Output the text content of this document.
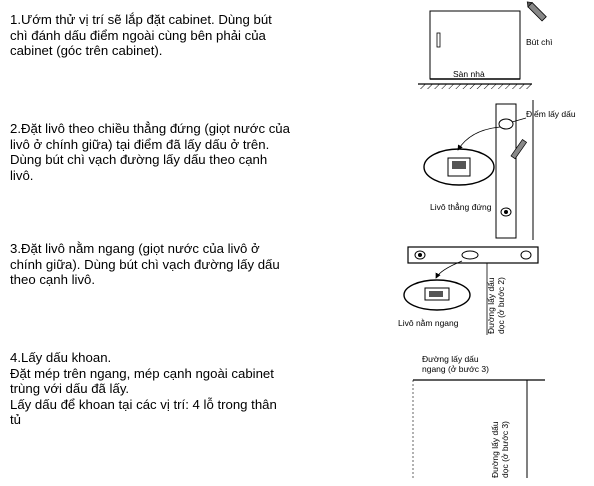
1.Ướm thử vị trí sẽ lắp đặt cabinet. Dùng bút

chì đánh dấu điểm ngoài cùng bên phải của

cabinet (góc trên cabinet).

2.Đặt livô theo chiều thẳng đứng (giọt nước của

livô ở chính giữa) tại điểm đã lấy dấu ở trên.

Dùng bút chì vạch đường lấy dấu theo cạnh

livô.

3.Đặt livô nằm ngang (giọt nước của livô ở

chính giữa). Dùng bút chì vạch đường lấy dấu

theo cạnh livô.

4.Lấy dấu khoan.

Đặt mép trên ngang, mép cạnh ngoài cabinet

trùng với dấu đã lấy.

Lấy dấu để khoan tại các vị trí: 4 lỗ trong thân

tủ

Bút chì
Sàn nhà
Điểm lấy dấu
Livô thẳng đứng
Livô nằm ngang	Đường lấy dấu dọc (ở bước 2)
Đường lấy dấu
ngang (ở bước 3)
Đường lấy dấu dọc (ở bước 3)
